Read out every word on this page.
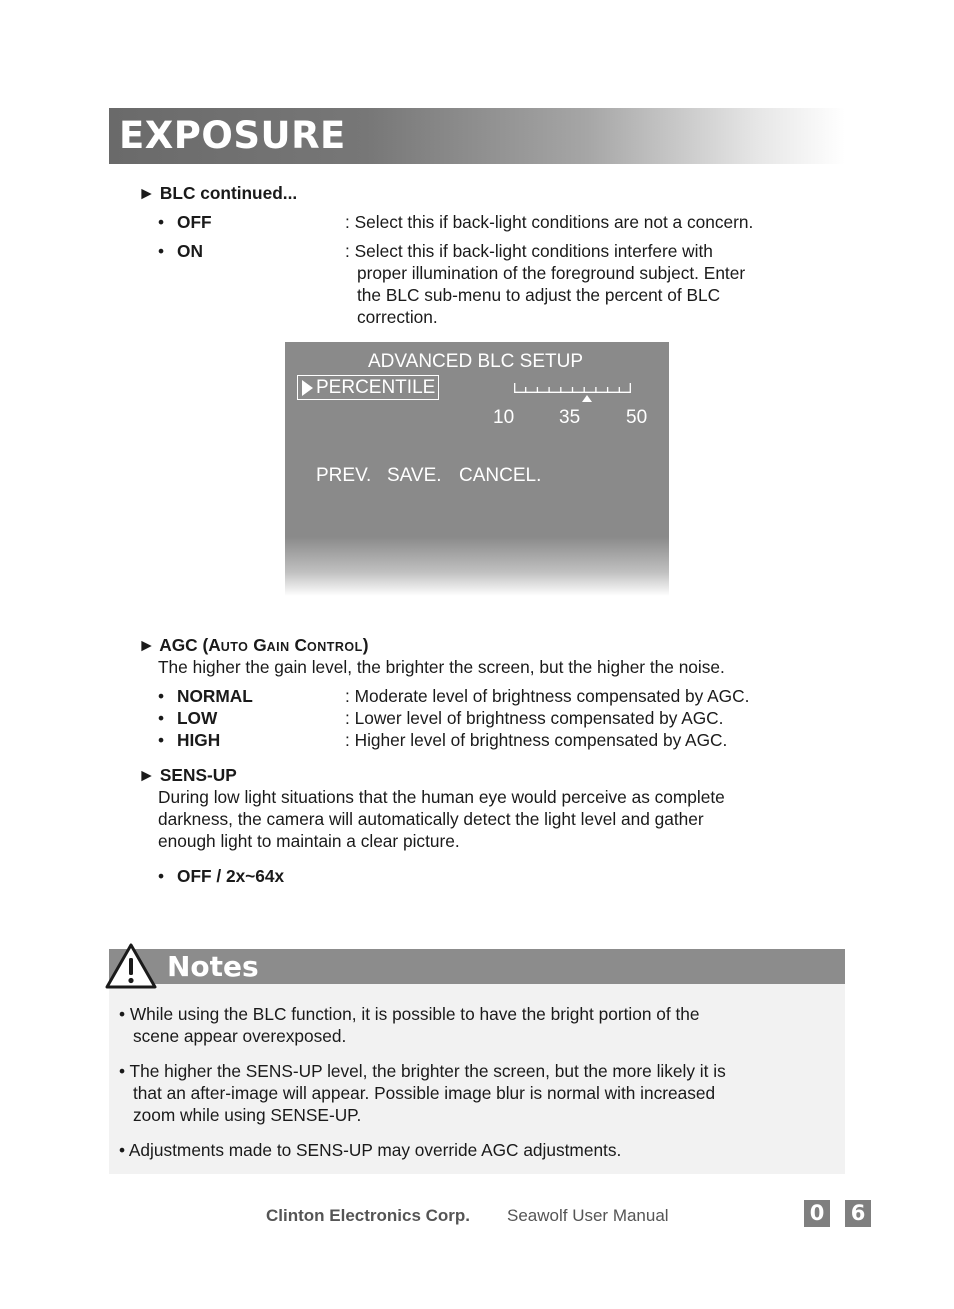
EXPOSURE
► BLC continued...
• OFF	: Select this if back-light conditions are not a concern.
• ON	: Select this if back-light conditions interfere with
proper illumination of the foreground subject. Enter
the BLC sub-menu to adjust the percent of BLC
correction.
ADVANCED BLC SETUP
PERCENTILE
10 35 50
PREV. SAVE. CANCEL.
► AGC (AUTO GAIN CONTROL)
The higher the gain level, the brighter the screen, but the higher the noise.
• NORMAL	: Moderate level of brightness compensated by AGC.
• LOW	: Lower level of brightness compensated by AGC.
• HIGH	: Higher level of brightness compensated by AGC.
► SENS-UP
During low light situations that the human eye would perceive as complete
darkness, the camera will automatically detect the light level and gather
enough light to maintain a clear picture.
• OFF / 2x~64x
Notes
• While using the BLC function, it is possible to have the bright portion of the
scene appear overexposed.
• The higher the SENS-UP level, the brighter the screen, but the more likely it is
that an after-image will appear. Possible image blur is normal with increased
zoom while using SENSE-UP.
• Adjustments made to SENS-UP may override AGC adjustments.
Clinton Electronics Corp. Seawolf User Manual	0 6
